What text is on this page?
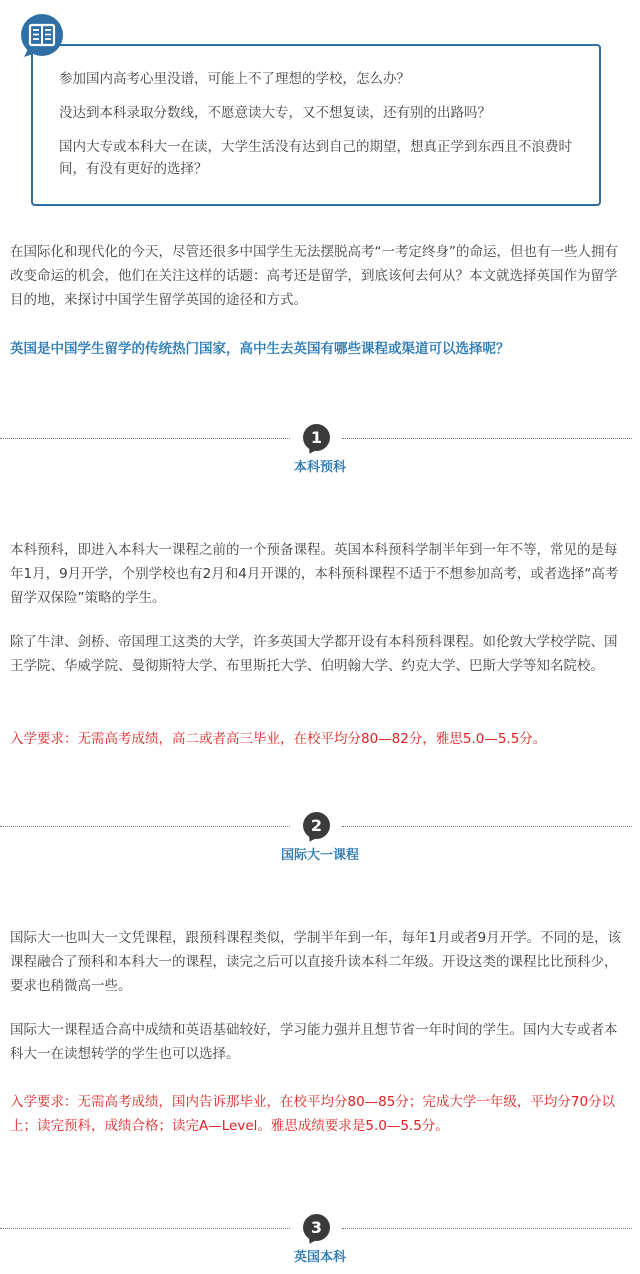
参加国内高考心里没谱，可能上不了理想的学校，怎么办？

没达到本科录取分数线，不愿意读大专，又不想复读，还有别的出路吗？

国内大专或本科大一在读，大学生活没有达到自己的期望，想真正学到东西且不浪费时间，有没有更好的选择？

在国际化和现代化的今天，尽管还很多中国学生无法摆脱高考“一考定终身”的命运，但也有一些人拥有改变命运的机会，他们在关注这样的话题：高考还是留学，到底该何去何从？本文就选择英国作为留学目的地，来探讨中国学生留学英国的途径和方式。

英国是中国学生留学的传统热门国家，高中生去英国有哪些课程或渠道可以选择呢？

1
本科预科

本科预科，即进入本科大一课程之前的一个预备课程。英国本科预科学制半年到一年不等，常见的是每年1月，9月开学，个别学校也有2月和4月开课的，本科预科课程不适于不想参加高考，或者选择“高考留学双保险”策略的学生。

除了牛津、剑桥、帝国理工这类的大学，许多英国大学都开设有本科预科课程。如伦敦大学校学院、国王学院、华威学院、曼彻斯特大学、布里斯托大学、伯明翰大学、约克大学、巴斯大学等知名院校。

入学要求：无需高考成绩，高二或者高三毕业，在校平均分80—82分，雅思5.0—5.5分。

2
国际大一课程

国际大一也叫大一文凭课程，跟预科课程类似，学制半年到一年，每年1月或者9月开学。不同的是，该课程融合了预科和本科大一的课程，读完之后可以直接升读本科二年级。开设这类的课程比比预科少，要求也稍微高一些。

国际大一课程适合高中成绩和英语基础较好，学习能力强并且想节省一年时间的学生。国内大专或者本科大一在读想转学的学生也可以选择。

入学要求：无需高考成绩，国内告诉那毕业，在校平均分80—85分；完成大学一年级，平均分70分以上；读完预科，成绩合格；读完A—Level。雅思成绩要求是5.0—5.5分。

3
英国本科
